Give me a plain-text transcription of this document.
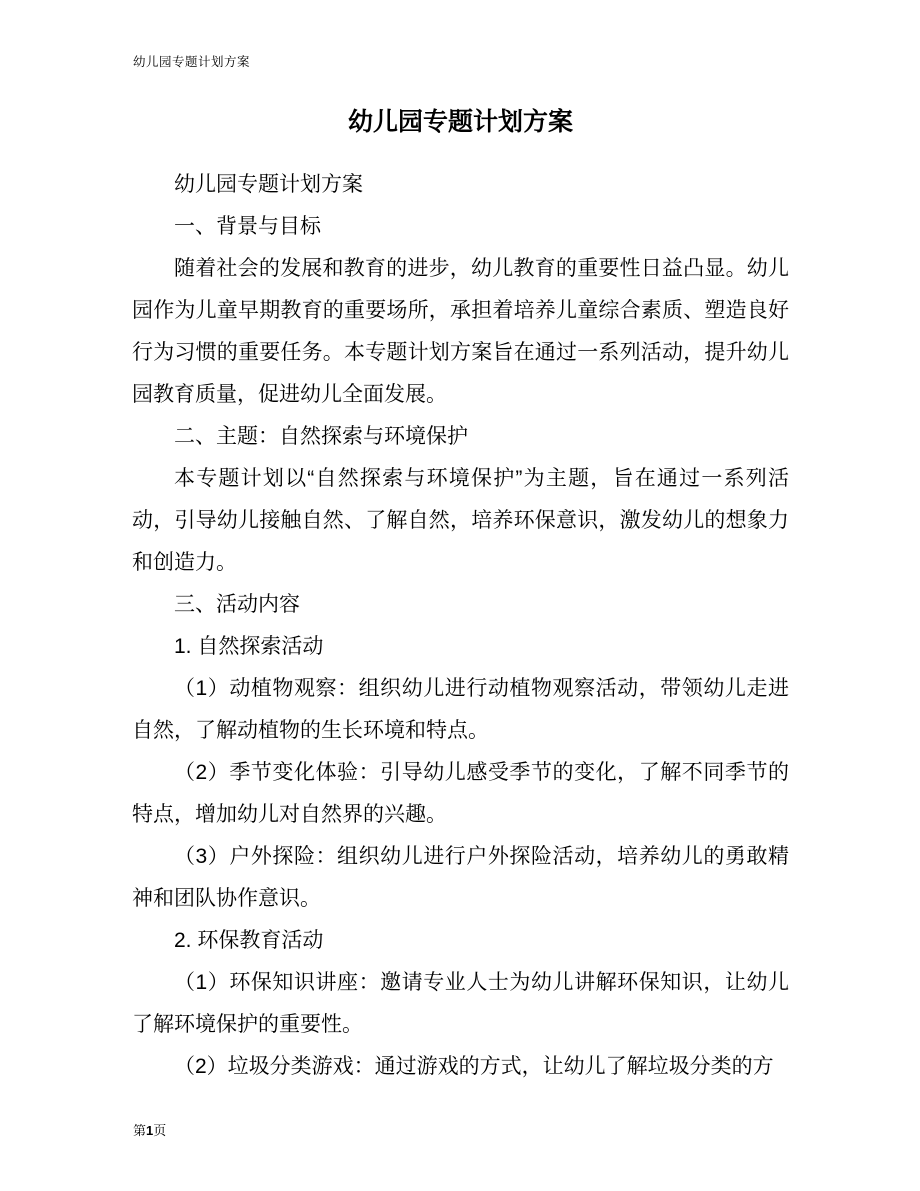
幼儿园专题计划方案
幼儿园专题计划方案

幼儿园专题计划方案

一、背景与目标

随着社会的发展和教育的进步，幼儿教育的重要性日益凸显。幼儿园作为儿童早期教育的重要场所，承担着培养儿童综合素质、塑造良好行为习惯的重要任务。本专题计划方案旨在通过一系列活动，提升幼儿园教育质量，促进幼儿全面发展。

二、主题：自然探索与环境保护

本专题计划以“自然探索与环境保护”为主题，旨在通过一系列活动，引导幼儿接触自然、了解自然，培养环保意识，激发幼儿的想象力和创造力。

三、活动内容

1. 自然探索活动

（1）动植物观察：组织幼儿进行动植物观察活动，带领幼儿走进自然，了解动植物的生长环境和特点。

（2）季节变化体验：引导幼儿感受季节的变化，了解不同季节的特点，增加幼儿对自然界的兴趣。

（3）户外探险：组织幼儿进行户外探险活动，培养幼儿的勇敢精神和团队协作意识。

2. 环保教育活动

（1）环保知识讲座：邀请专业人士为幼儿讲解环保知识，让幼儿了解环境保护的重要性。

（2）垃圾分类游戏：通过游戏的方式，让幼儿了解垃圾分类的方

第1页
